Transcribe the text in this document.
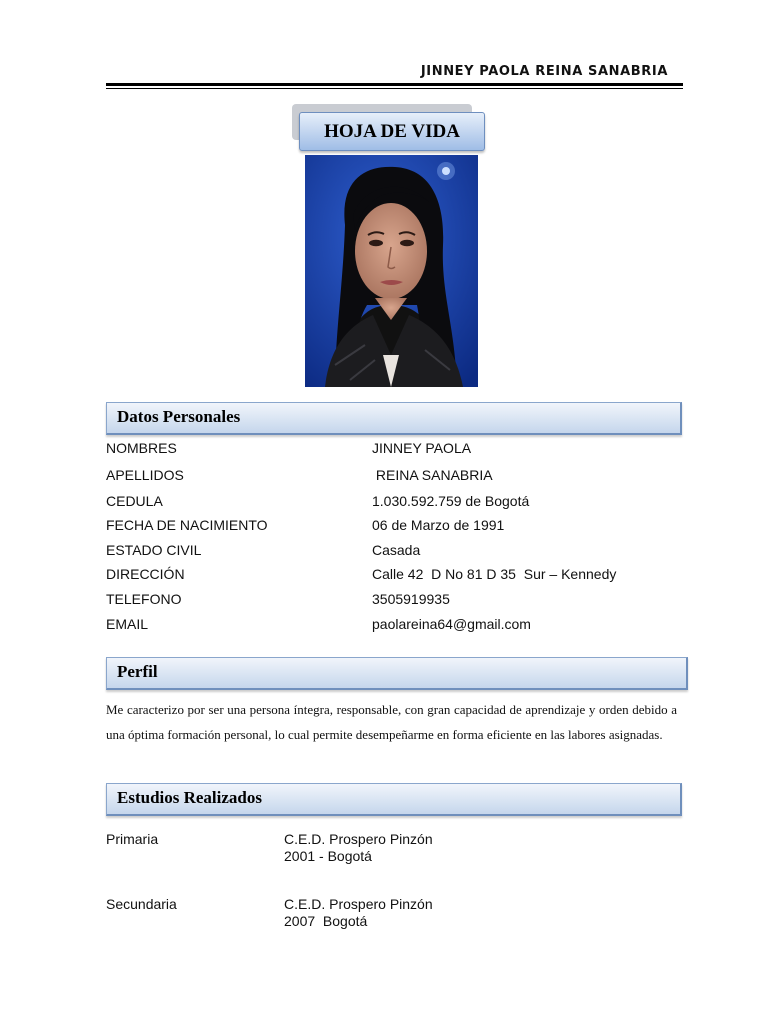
JINNEY PAOLA REINA SANABRIA
HOJA DE VIDA
Datos Personales
NOMBRES	JINNEY PAOLA
APELLIDOS	REINA SANABRIA
CEDULA	1.030.592.759 de Bogotá
FECHA DE NACIMIENTO	06 de Marzo de 1991
ESTADO CIVIL	Casada
DIRECCIÓN	Calle 42  D No 81 D 35  Sur – Kennedy
TELEFONO	3505919935
EMAIL	paolareina64@gmail.com
Perfil
Me caracterizo por ser una persona íntegra, responsable, con gran capacidad de aprendizaje y orden debido a una óptima formación personal, lo cual permite desempeñarme en forma eficiente en las labores asignadas.
Estudios Realizados
Primaria	C.E.D. Prospero Pinzón
2001 - Bogotá
Secundaria	C.E.D. Prospero Pinzón
2007  Bogotá
